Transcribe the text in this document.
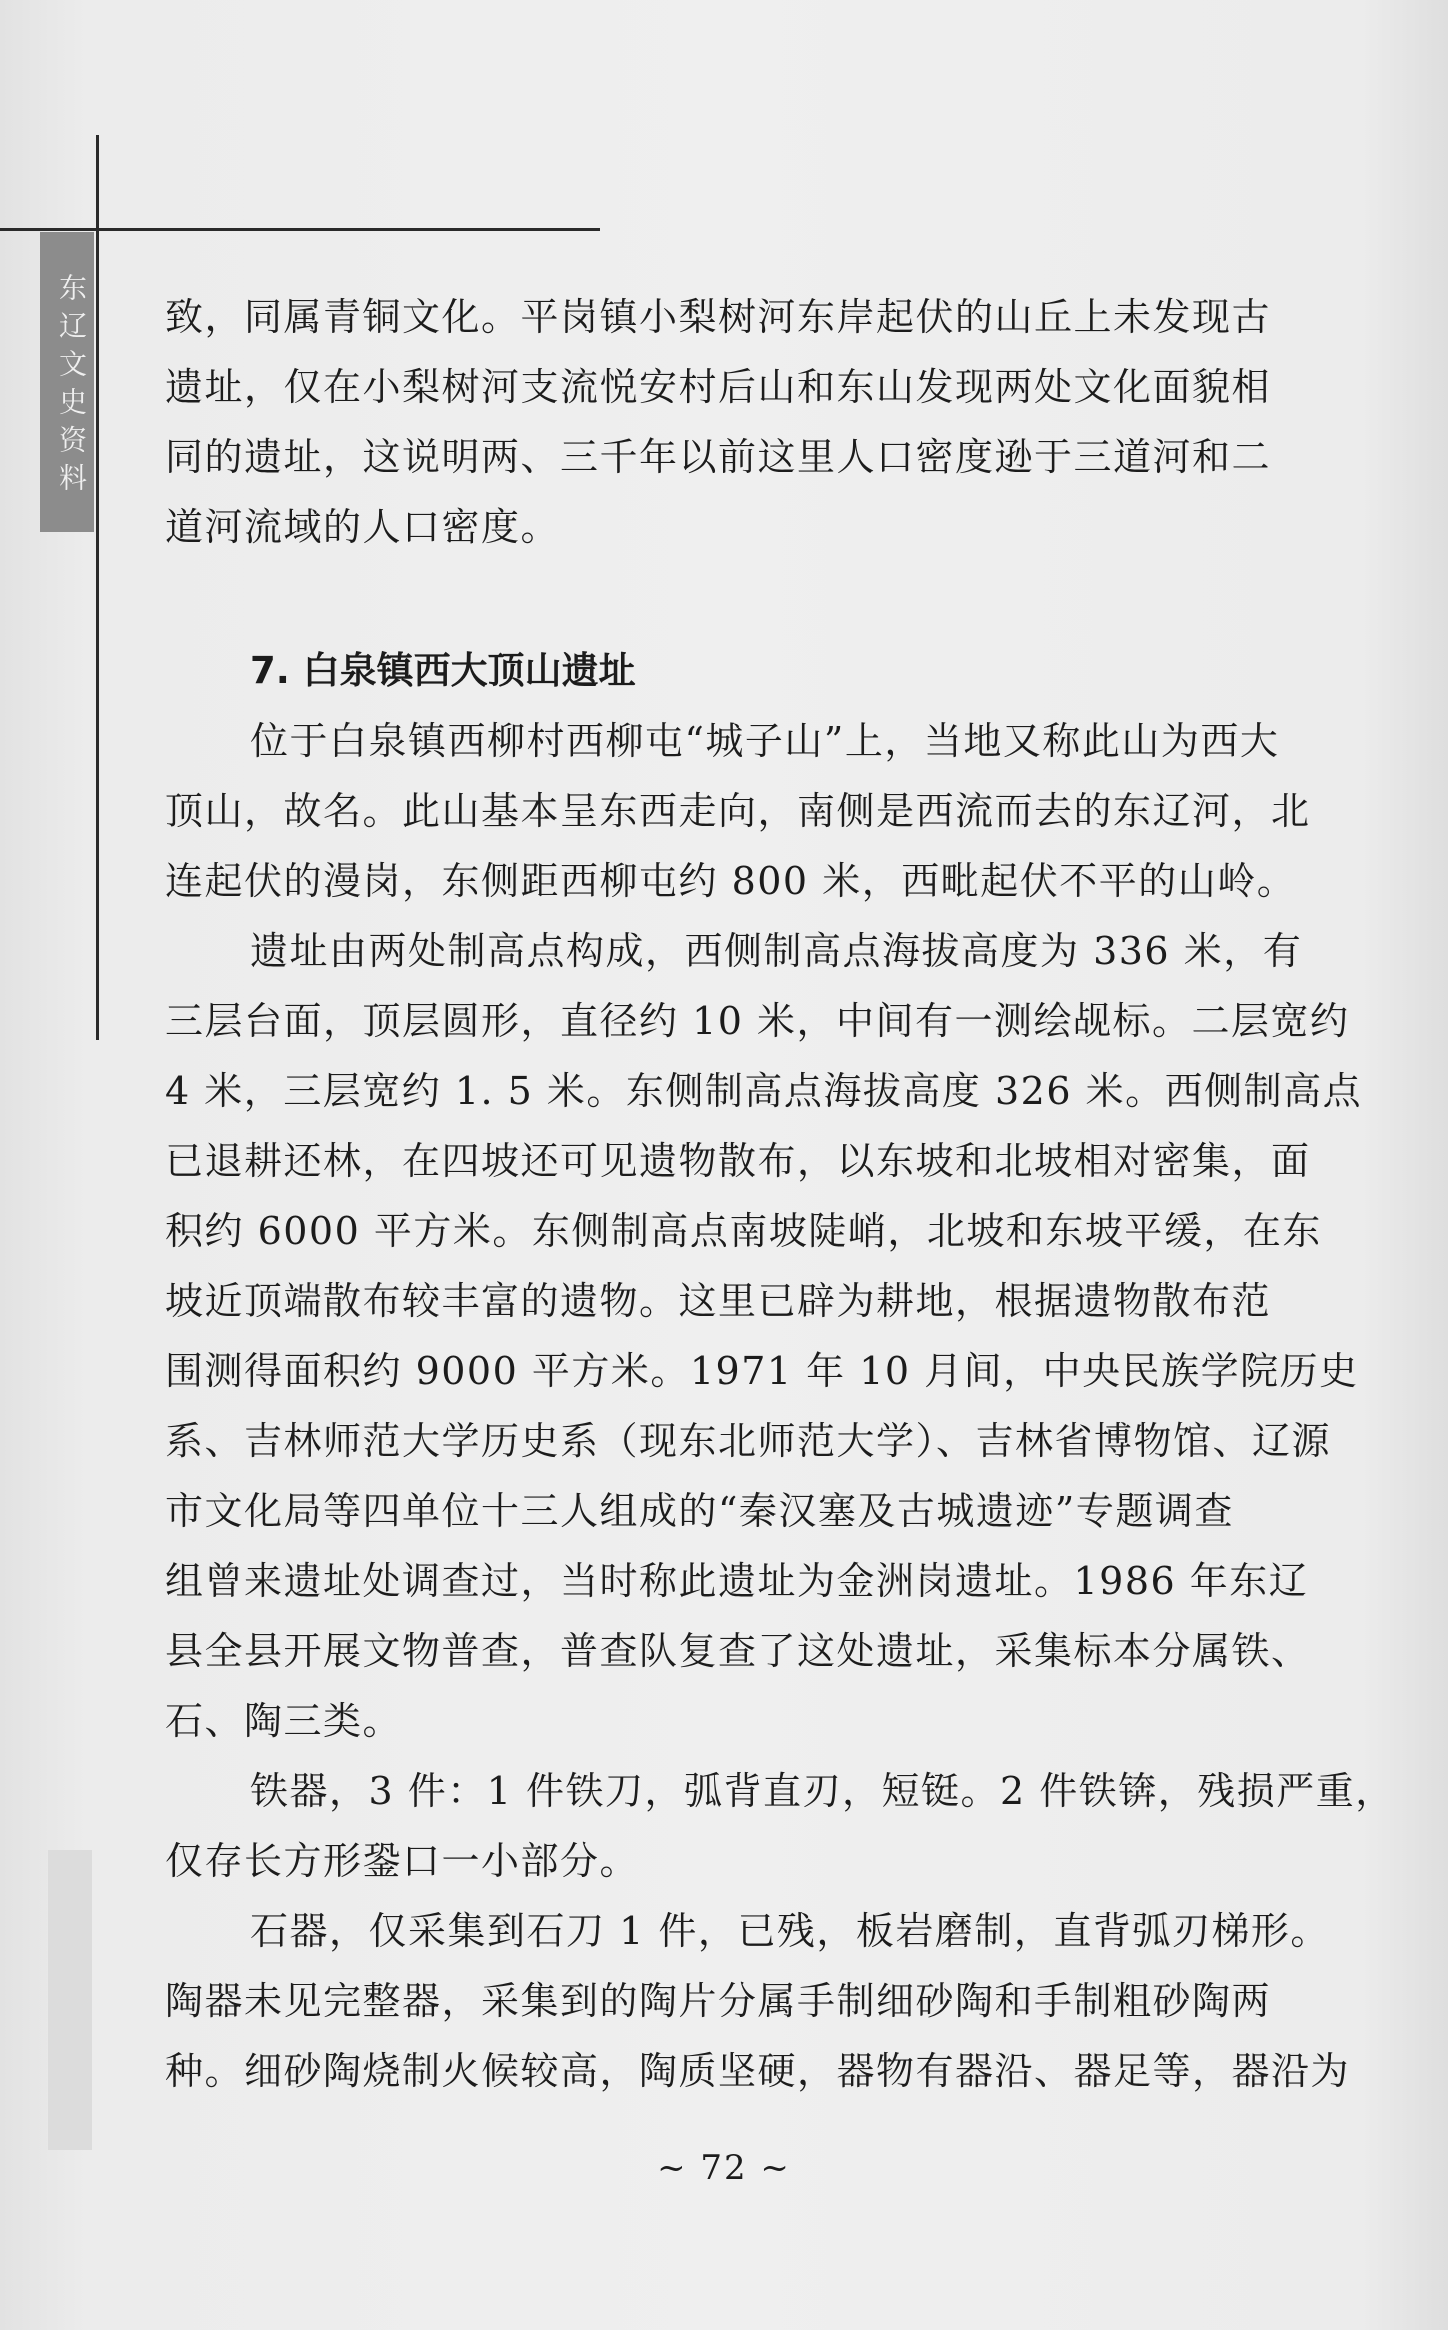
东辽文史资料 致，同属青铜文化。平岗镇小梨树河东岸起伏的山丘上未发现古
遗址，仅在小梨树河支流悦安村后山和东山发现两处文化面貌相
同的遗址，这说明两、三千年以前这里人口密度逊于三道河和二
道河流域的人口密度。
7. 白泉镇西大顶山遗址
位于白泉镇西柳村西柳屯“城子山”上，当地又称此山为西大
顶山，故名。此山基本呈东西走向，南侧是西流而去的东辽河，北
连起伏的漫岗，东侧距西柳屯约 800 米，西毗起伏不平的山岭。
遗址由两处制高点构成，西侧制高点海拔高度为 336 米，有
三层台面，顶层圆形，直径约 10 米，中间有一测绘觇标。二层宽约
4 米，三层宽约 1. 5 米。东侧制高点海拔高度 326 米。西侧制高点
已退耕还林，在四坡还可见遗物散布，以东坡和北坡相对密集，面
积约 6000 平方米。东侧制高点南坡陡峭，北坡和东坡平缓，在东
坡近顶端散布较丰富的遗物。这里已辟为耕地，根据遗物散布范
围测得面积约 9000 平方米。1971 年 10 月间，中央民族学院历史
系、吉林师范大学历史系（现东北师范大学）、吉林省博物馆、辽源
市文化局等四单位十三人组成的“秦汉塞及古城遗迹”专题调查
组曾来遗址处调查过，当时称此遗址为金洲岗遗址。1986 年东辽
县全县开展文物普查，普查队复查了这处遗址，采集标本分属铁、
石、陶三类。
铁器，3 件：1 件铁刀，弧背直刃，短铤。2 件铁锛，残损严重，
仅存长方形銎口一小部分。
石器，仅采集到石刀 1 件，已残，板岩磨制，直背弧刃梯形。
陶器未见完整器，采集到的陶片分属手制细砂陶和手制粗砂陶两
种。细砂陶烧制火候较高，陶质坚硬，器物有器沿、器足等，器沿为
~ 72 ~
